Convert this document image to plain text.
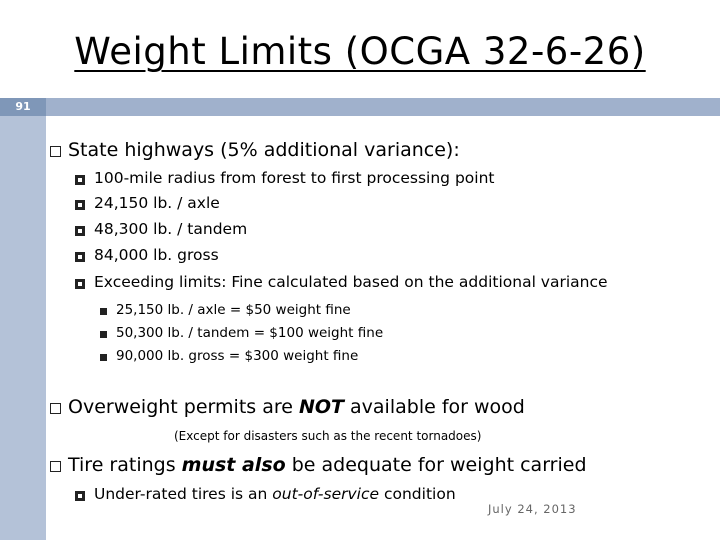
Weight Limits (OCGA 32-6-26)
91
State highways (5% additional variance):
100-mile radius from forest to first processing point
24,150 lb. / axle
48,300 lb. / tandem
84,000 lb. gross
Exceeding limits: Fine calculated based on the additional variance
25,150 lb. / axle = $50 weight fine
50,300 lb. / tandem = $100 weight fine
90,000 lb. gross = $300 weight fine
Overweight permits are NOT available for wood
(Except for disasters such as the recent tornadoes)
Tire ratings must also be adequate for weight carried
Under-rated tires is an out-of-service condition
July 24, 2013
